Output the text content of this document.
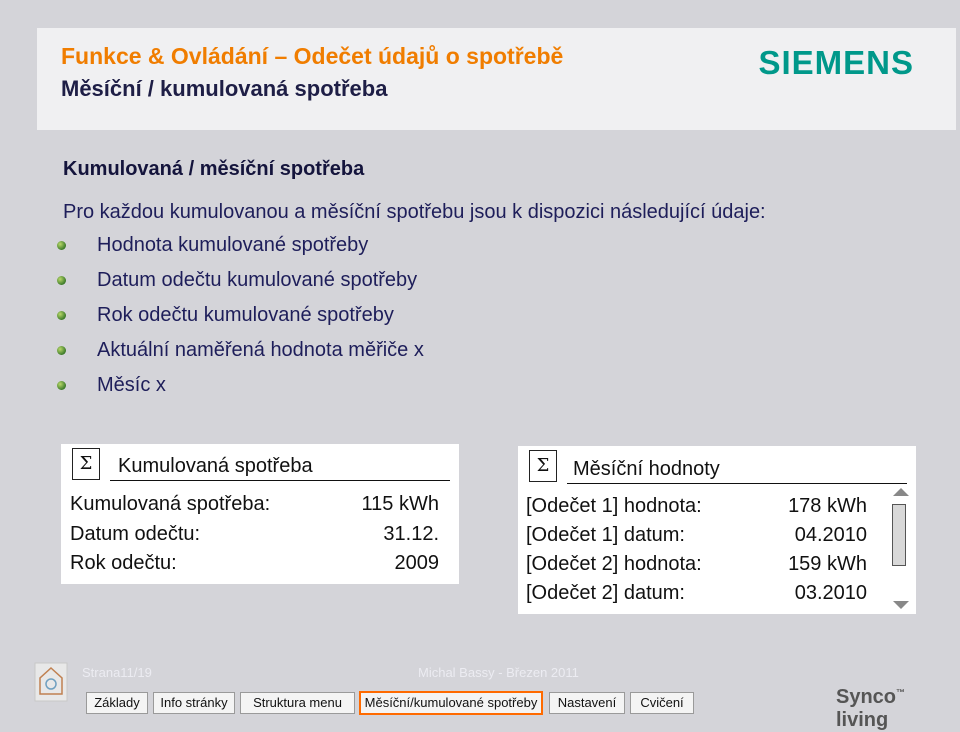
Funkce & Ovládání – Odečet údajů o spotřebě
Měsíční / kumulovaná spotřeba
SIEMENS
Kumulovaná / měsíční spotřeba
Pro každou kumulovanou a měsíční spotřebu jsou k dispozici následující údaje:
Hodnota kumulované spotřeby
Datum odečtu kumulované spotřeby
Rok odečtu kumulované spotřeby
Aktuální naměřená hodnota měřiče x
Měsíc x
Σ	Kumulovaná spotřeba
Kumulovaná spotřeba:	115 kWh
Datum odečtu:	31.12.
Rok odečtu:	2009
Σ	Měsíční hodnoty
[Odečet 1] hodnota:	178 kWh
[Odečet 1] datum:	04.2010
[Odečet 2] hodnota:	159 kWh
[Odečet 2] datum:	03.2010
Strana11/19	Michal Bassy - Březen 2011
Základy	Info stránky	Struktura menu	Měsíční/kumulované spotřeby	Nastavení	Cvičení	Synco™ living
